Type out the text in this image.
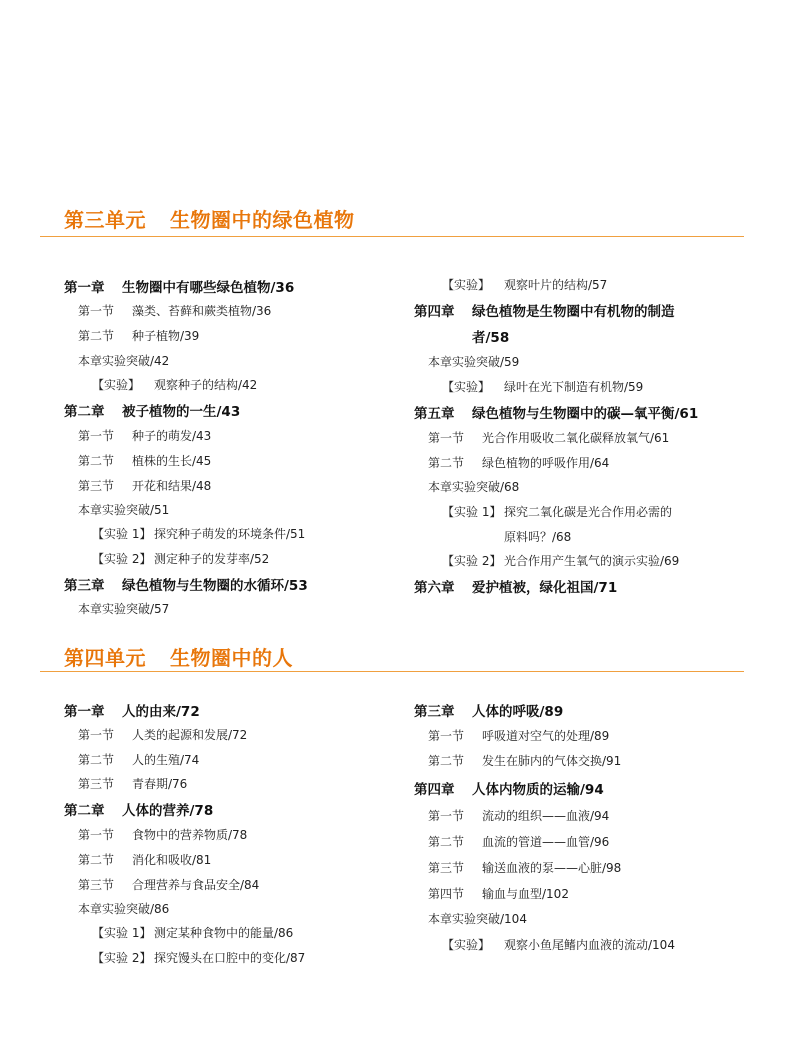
第三单元 生物圈中的绿色植物
第一章 生物圈中有哪些绿色植物/36
第一节 藻类、苔藓和蕨类植物/36
第二节 种子植物/39
本章实验突破/42
【实验】 观察种子的结构/42
第二章 被子植物的一生/43
第一节 种子的萌发/43
第二节 植株的生长/45
第三节 开花和结果/48
本章实验突破/51
【实验 1】 探究种子萌发的环境条件/51
【实验 2】 测定种子的发芽率/52
第三章 绿色植物与生物圈的水循环/53
本章实验突破/57
【实验】 观察叶片的结构/57
第四章 绿色植物是生物圈中有机物的制造
者/58
本章实验突破/59
【实验】 绿叶在光下制造有机物/59
第五章 绿色植物与生物圈中的碳—氧平衡/61
第一节 光合作用吸收二氧化碳释放氧气/61
第二节 绿色植物的呼吸作用/64
本章实验突破/68
【实验 1】 探究二氧化碳是光合作用必需的
原料吗？/68
【实验 2】 光合作用产生氧气的演示实验/69
第六章 爱护植被，绿化祖国/71
第四单元 生物圈中的人
第一章 人的由来/72
第一节 人类的起源和发展/72
第二节 人的生殖/74
第三节 青春期/76
第二章 人体的营养/78
第一节 食物中的营养物质/78
第二节 消化和吸收/81
第三节 合理营养与食品安全/84
本章实验突破/86
【实验 1】 测定某种食物中的能量/86
【实验 2】 探究馒头在口腔中的变化/87
第三章 人体的呼吸/89
第一节 呼吸道对空气的处理/89
第二节 发生在肺内的气体交换/91
第四章 人体内物质的运输/94
第一节 流动的组织——血液/94
第二节 血流的管道——血管/96
第三节 输送血液的泵——心脏/98
第四节 输血与血型/102
本章实验突破/104
【实验】 观察小鱼尾鳍内血液的流动/104
